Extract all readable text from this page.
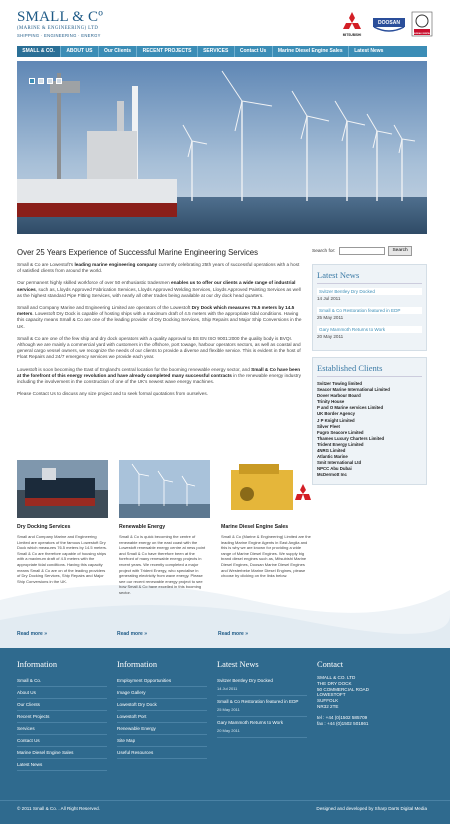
SMALL & Cº
(MARINE & ENGINEERING) LTD
SHIPPING · ENGINEERING · ENERGY	MITSUBISHI
DOOSAN
BUREAU VERITAS
SMALL & CO.	ABOUT US	Our Clients	RECENT PROJECTS	SERVICES	Contact Us	Marine Diesel Engine Sales	Latest News
Over 25 Years Experience of Successful Marine Engineering Services

Small & Co are Lowestoft's leading marine engineering company currently celebrating 25th years of successful operations with a host of satisfied clients from around the world.

Our permanent highly skilled workforce of over 50 enthusiastic tradesmen enables us to offer our clients a wide range of industrial services, such as, Lloyds Approved Fabrication Services, Lloyds Approved Welding Services, Lloyds Approved Painting Services as well as the highest standard Pipe Fitting Services, with nearly all other trades being available at our dry dock head quarters.

Small and Company Marine and Engineering Limited are operators of the Lowestoft Dry Dock which measures 76.5 meters by 14.5 meters. Lowestoft Dry Dock is capable of hosting ships with a maximum draft of 4.5 meters with the appropriate tidal conditions. Having this capacity means Small & Co are one of the leading provider of Dry Docking Services, Ship Repairs and Major Ship Conversions in the UK.

Small & Co are one of the few ship and dry dock operators with a quality approval to BS EN ISO 9001:2000 the quality body is BVQI. Although we are mainly a commercial yard with customers in the offshore, port towage, harbour operators sectors, as well as coastal and general cargo vessel owners, we recognize the needs of our clients to provide a diverse and flexible service. This is evident in the host of Float Repairs and 24/7 emergency services we provide each year.

Lowestoft is soon becoming the East of England's central location for the booming renewable energy sector, and Small & Co have been at the forefront of this energy revolution and have already completed many successful contracts in the renewable energy industry including the involvement in the construction of one of the UK's newest wave energy machines.

Please Contact Us to discuss any size project and to seek formal quotations from ourselves.

Search for:	Search
Latest News
Svitzer Bentley Dry Docked
14 Jul 2011
Small & Co Restoration featured in EDP
25 May 2011
Gary Mammoth Returns to Work
20 May 2011
Established Clients
Svitzer Towing limited
Seacor Marine International Limited
Dover Harbour Board
Trinity House
P and O Marine services Limited
UK Border Agency
J P Knight Limited
Silver Fleet
Fugro Seacore Limited
Thames Luxury Charters Limited
Trident Energy Limited
4NRG Limited
Atlantic Marine
Smit International Ltd
NPCC Abu Dubai
McDermott Inc
Dry Docking Services

Small and Company Marine and Engineering Limited are operators of the famous Lowestoft Dry Dock which measures 76.5 meters by 14.5 meters. Small & Co are therefore capable of housing ships with a maximum draft of 4.5 meters with the appropriate tidal conditions. Having this capacity means Small & Co are on of the leading providers of Dry Docking Services, Ship Repairs and Major Ship Conversions in the UK.

Renewable Energy

Small & Co is quick becoming the centre of renewable energy on the east coast with the Lowestoft renewable energy centre at ness point and Small & Co have therefore been at the forefront of many renewable energy projects in recent years. We recently completed a major project with Trident Energy, who specialise in generating electricity from wave energy. Please see our recent renewable energy project to see how Small & Co have excelled in this booming sector.

Marine Diesel Engine Sales

Small & Co (Marine & Engineering) Limited are the leading Marine Engine Agents in East Anglia and this is why we are known for providing a wide range of Marine Diesel Engines. We supply big brand diesel engines such as, Mitsubishi Marine Diesel Engines, Doosan Marine Diesel Engines and Westerbeke Marine Diesel Engines, please choose by clicking on the links below.

Read more »	Read more »	Read more »
Information
Small & Co.
About Us
Our Clients
Recent Projects
Services
Contact Us
Marine Diesel Engine Sales
Latest News
Information
Employment Opportunities
Image Gallery
Lowestoft Dry Dock
Lowestoft Port
Renewable Energy
Site Map
Useful Resources
Latest News
Svitzer Bentley Dry Docked
14 Jul 2011
Small & Co Restoration featured in EDP
25 May 2011
Gary Mammoth Returns to Work
20 May 2011
Contact
SMALL & CO. LTD
THE DRY DOCK
50 COMMERCIAL ROAD
LOWESTOFT
SUFFOLK
NR32 2TE
tel : +44 (0)1502 585709
fax : +44 (0)1502 501861
© 2011 Small & Co. . All Right Reserved.	Designed and developed by Sharp Darts Digital Media
